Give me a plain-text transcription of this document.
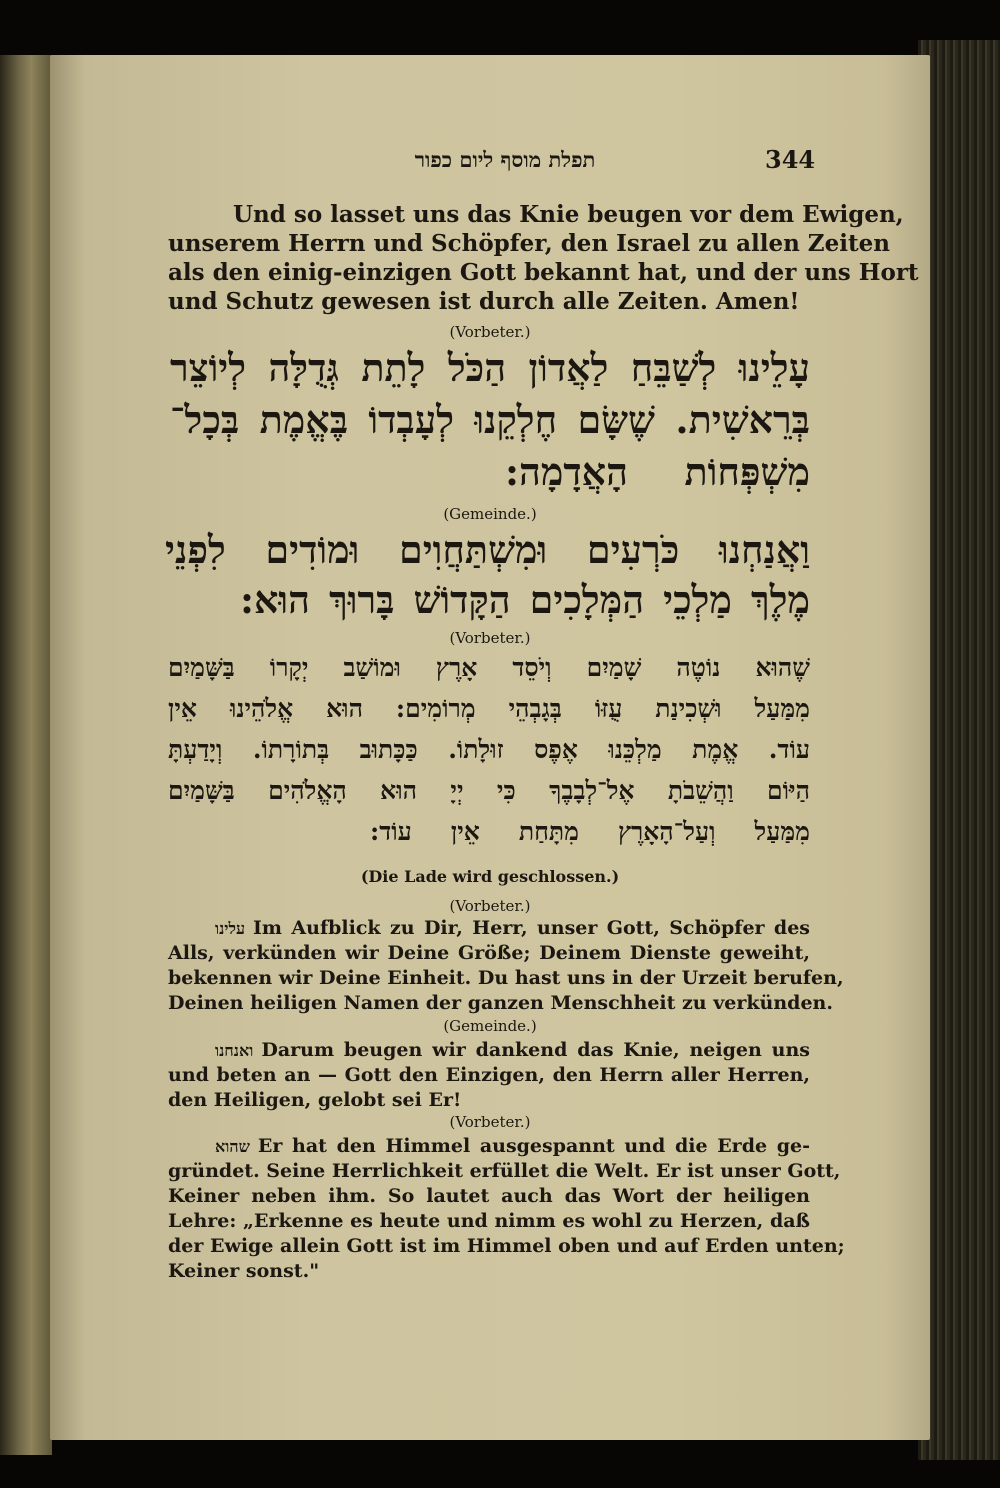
תפלת מוסף ליום כפור	344
Und so lasset uns das Knie beugen vor dem Ewigen,
unserem Herrn und Schöpfer, den Israel zu allen Zeiten
als den einig-einzigen Gott bekannt hat, und der uns Hort
und Schutz gewesen ist durch alle Zeiten. Amen!
(Vorbeter.)
עָלֵינוּ לְשַׁבֵּחַ לַאֲדוֹן הַכֹּל לָתֵת גְּדֻלָּה לְיוֹצֵר
בְּרֵאשִׁית. שֶׁשָּׂם חֶלְקֵנוּ לְעָבְדוֹ בֶּאֱמֶת בְּכָל־
מִשְׁפְּחוֹת הָאֲדָמָה:
(Gemeinde.)
וַאֲנַחְנוּ כֹּרְעִים וּמִשְׁתַּחֲוִים וּמוֹדִים לִפְנֵי
מֶלֶךְ מַלְכֵי הַמְּלָכִים הַקָּדוֹשׁ בָּרוּךְ הוּא:
(Vorbeter.)
שֶׁהוּא נוֹטֶה שָׁמַיִם וְיֹסֵד אָרֶץ וּמוֹשַׁב יְקָרוֹ בַּשָּׁמַיִם
מִמַּעַל וּשְׁכִינַת עֻזּוֹ בְּגָבְהֵי מְרוֹמִים: הוּא אֱלֹהֵינוּ אֵין
עוֹד. אֱמֶת מַלְכֵּנוּ אֶפֶס זוּלָתוֹ. כַּכָּתוּב בְּתוֹרָתוֹ. וְיָדַעְתָּ
הַיּוֹם וַהֲשֵׁבֹתָ אֶל־לְבָבֶךָ כִּי יְיָ הוּא הָאֱלֹהִים בַּשָּׁמַיִם
מִמַּעַל וְעַל־הָאָרֶץ מִתָּחַת אֵין עוֹד:
(Die Lade wird geschlossen.)
(Vorbeter.)
עלינו Im Aufblick zu Dir, Herr, unser Gott, Schöpfer des
Alls, verkünden wir Deine Größe; Deinem Dienste geweiht,
bekennen wir Deine Einheit. Du hast uns in der Urzeit berufen,
Deinen heiligen Namen der ganzen Menschheit zu verkünden.
(Gemeinde.)
ואנחנו Darum beugen wir dankend das Knie, neigen uns
und beten an — Gott den Einzigen, den Herrn aller Herren,
den Heiligen, gelobt sei Er!
(Vorbeter.)
שהוא Er hat den Himmel ausgespannt und die Erde ge-
gründet. Seine Herrlichkeit erfüllet die Welt. Er ist unser Gott,
Keiner neben ihm. So lautet auch das Wort der heiligen
Lehre: „Erkenne es heute und nimm es wohl zu Herzen, daß
der Ewige allein Gott ist im Himmel oben und auf Erden unten;
Keiner sonst."
